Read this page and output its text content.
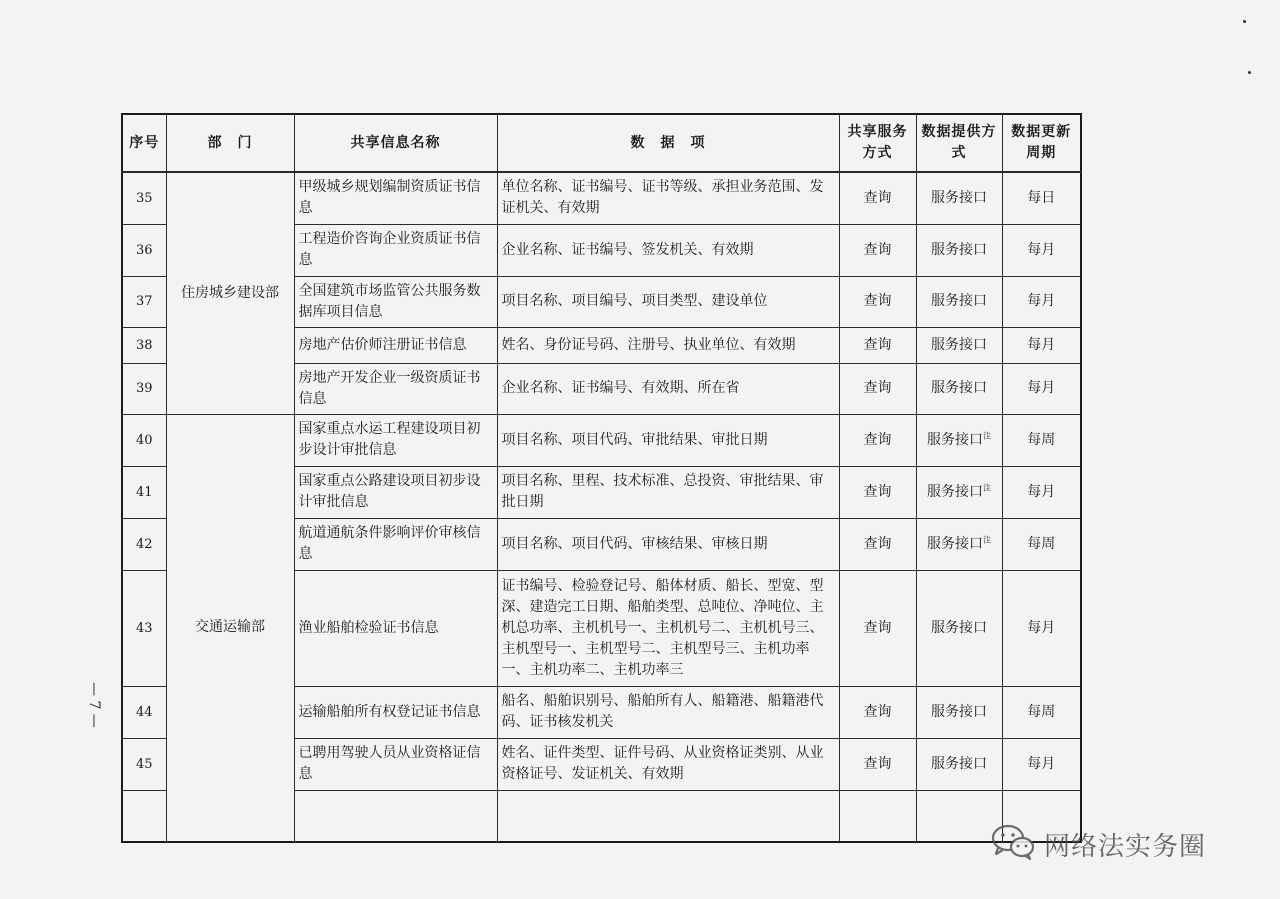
序号	部　门	共享信息名称	数　据　项	共享服务方式	数据提供方式	数据更新周期
35	住房城乡建设部	甲级城乡规划编制资质证书信息	单位名称、证书编号、证书等级、承担业务范围、发证机关、有效期	查询	服务接口	每日
36		工程造价咨询企业资质证书信息	企业名称、证书编号、签发机关、有效期	查询	服务接口	每月
37		全国建筑市场监管公共服务数据库项目信息	项目名称、项目编号、项目类型、建设单位	查询	服务接口	每月
38		房地产估价师注册证书信息	姓名、身份证号码、注册号、执业单位、有效期	查询	服务接口	每月
39		房地产开发企业一级资质证书信息	企业名称、证书编号、有效期、所在省	查询	服务接口	每月
40	交通运输部	国家重点水运工程建设项目初步设计审批信息	项目名称、项目代码、审批结果、审批日期	查询	服务接口$^注$	每周
41		国家重点公路建设项目初步设计审批信息	项目名称、里程、技术标准、总投资、审批结果、审批日期	查询	服务接口$^注$	每月
42		航道通航条件影响评价审核信息	项目名称、项目代码、审核结果、审核日期	查询	服务接口$^注$	每周
43		渔业船舶检验证书信息	证书编号、检验登记号、船体材质、船长、型宽、型深、建造完工日期、船舶类型、总吨位、净吨位、主机总功率、主机机号一、主机机号二、主机机号三、主机型号一、主机型号二、主机型号三、主机功率一、主机功率二、主机功率三	查询	服务接口	每月
44		运输船舶所有权登记证书信息	船名、船舶识别号、船舶所有人、船籍港、船籍港代码、证书核发机关	查询	服务接口	每周
45		已聘用驾驶人员从业资格证信息	姓名、证件类型、证件号码、从业资格证类别、从业资格证号、发证机关、有效期	查询	服务接口	每月

— 7 —
网络法实务圈
